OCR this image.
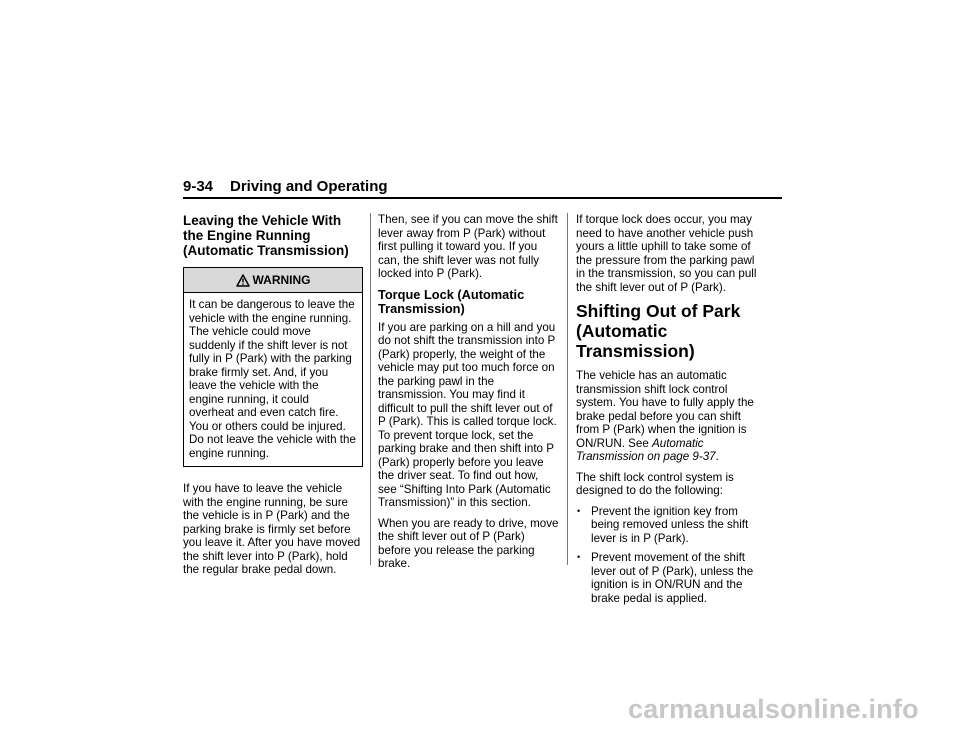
9-34 Driving and Operating
Leaving the Vehicle With the Engine Running (Automatic Transmission)
WARNING
It can be dangerous to leave the vehicle with the engine running. The vehicle could move suddenly if the shift lever is not fully in P (Park) with the parking brake firmly set. And, if you leave the vehicle with the engine running, it could overheat and even catch fire. You or others could be injured. Do not leave the vehicle with the engine running.

If you have to leave the vehicle with the engine running, be sure the vehicle is in P (Park) and the parking brake is firmly set before you leave it. After you have moved the shift lever into P (Park), hold the regular brake pedal down.

Then, see if you can move the shift lever away from P (Park) without first pulling it toward you. If you can, the shift lever was not fully locked into P (Park).

Torque Lock (Automatic Transmission)

If you are parking on a hill and you do not shift the transmission into P (Park) properly, the weight of the vehicle may put too much force on the parking pawl in the transmission. You may find it difficult to pull the shift lever out of P (Park). This is called torque lock. To prevent torque lock, set the parking brake and then shift into P (Park) properly before you leave the driver seat. To find out how, see “Shifting Into Park (Automatic Transmission)” in this section.

When you are ready to drive, move the shift lever out of P (Park) before you release the parking brake.

If torque lock does occur, you may need to have another vehicle push yours a little uphill to take some of the pressure from the parking pawl in the transmission, so you can pull the shift lever out of P (Park).

Shifting Out of Park (Automatic Transmission)

The vehicle has an automatic transmission shift lock control system. You have to fully apply the brake pedal before you can shift from P (Park) when the ignition is ON/RUN. See Automatic Transmission on page 9‑37.

The shift lock control system is designed to do the following:

• Prevent the ignition key from being removed unless the shift lever is in P (Park).
• Prevent movement of the shift lever out of P (Park), unless the ignition is in ON/RUN and the brake pedal is applied.
carmanualsonline.info
